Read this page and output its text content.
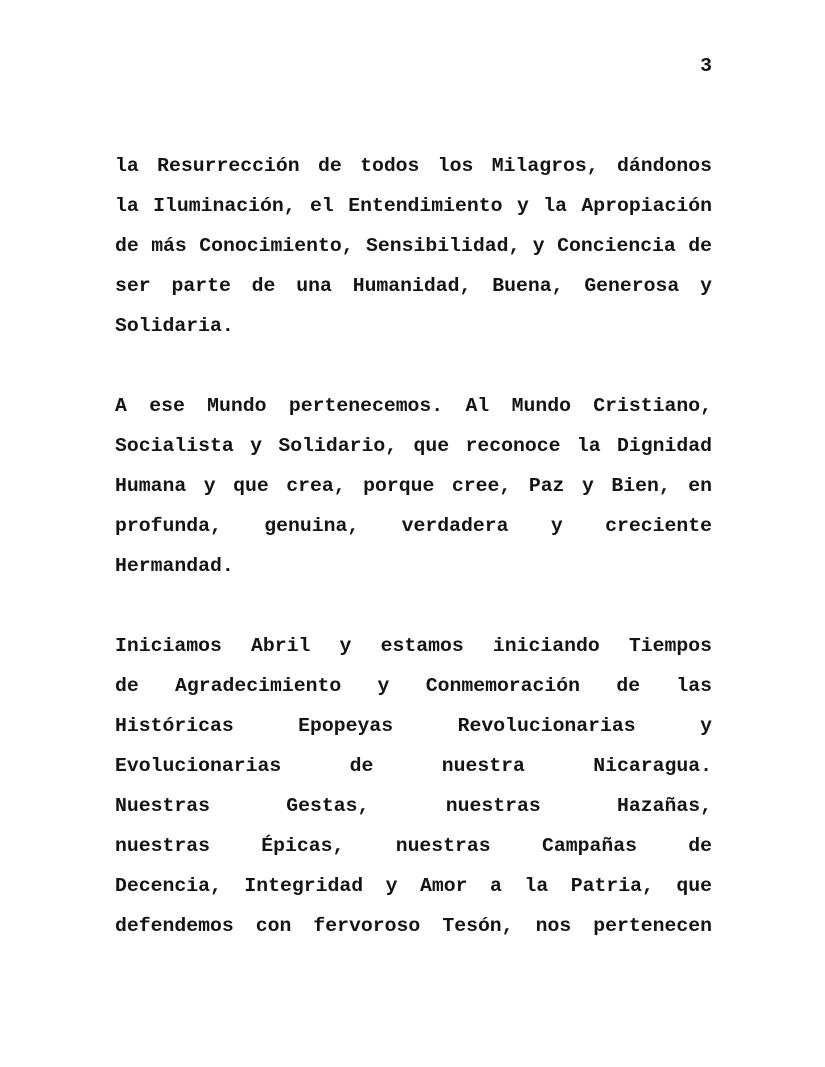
3

la Resurrección de todos los Milagros, dándonos
la Iluminación, el Entendimiento y la Apropiación
de más Conocimiento, Sensibilidad, y Conciencia de
ser parte de una Humanidad, Buena, Generosa y
Solidaria.

A ese Mundo pertenecemos. Al Mundo Cristiano,
Socialista y Solidario, que reconoce la Dignidad
Humana y que crea, porque cree, Paz y Bien, en
profunda, genuina, verdadera y creciente
Hermandad.

Iniciamos Abril y estamos iniciando Tiempos
de Agradecimiento y Conmemoración de las
Históricas Epopeyas Revolucionarias y
Evolucionarias de nuestra Nicaragua.
Nuestras Gestas, nuestras Hazañas,
nuestras Épicas, nuestras Campañas de
Decencia, Integridad y Amor a la Patria, que
defendemos con fervoroso Tesón, nos pertenecen
